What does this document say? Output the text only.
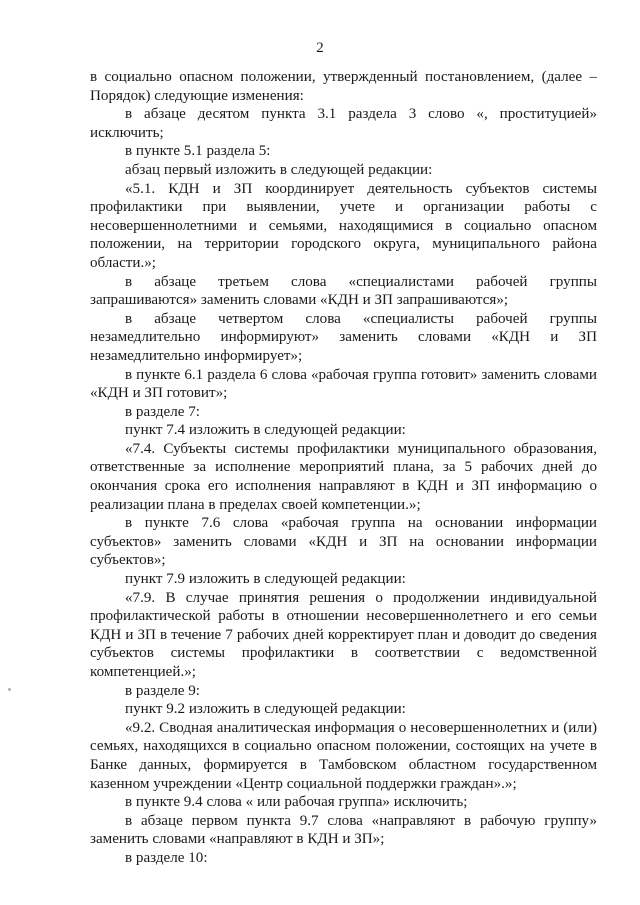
2

в социально опасном положении, утвержденный постановлением, (далее – Порядок) следующие изменения:

в абзаце десятом пункта 3.1 раздела 3 слово «, проституцией» исключить;

в пункте 5.1 раздела 5:

абзац первый изложить в следующей редакции:

«5.1. КДН и ЗП координирует деятельность субъектов системы профилактики при выявлении, учете и организации работы с несовершеннолетними и семьями, находящимися в социально опасном положении, на территории городского округа, муниципального района области.»;

в абзаце третьем слова «специалистами рабочей группы запрашиваются» заменить словами «КДН и ЗП запрашиваются»;

в абзаце четвертом слова «специалисты рабочей группы незамедлительно информируют» заменить словами «КДН и ЗП незамедлительно информирует»;

в пункте 6.1 раздела 6 слова «рабочая группа готовит» заменить словами «КДН и ЗП готовит»;

в разделе 7:

пункт 7.4 изложить в следующей редакции:

«7.4. Субъекты системы профилактики муниципального образования, ответственные за исполнение мероприятий плана, за 5 рабочих дней до окончания срока его исполнения направляют в КДН и ЗП информацию о реализации плана в пределах своей компетенции.»;

в пункте 7.6 слова «рабочая группа на основании информации субъектов» заменить словами «КДН и ЗП на основании информации субъектов»;

пункт 7.9 изложить в следующей редакции:

«7.9. В случае принятия решения о продолжении индивидуальной профилактической работы в отношении несовершеннолетнего и его семьи КДН и ЗП в течение 7 рабочих дней корректирует план и доводит до сведения субъектов системы профилактики в соответствии с ведомственной компетенцией.»;

в разделе 9:

пункт 9.2 изложить в следующей редакции:

«9.2. Сводная аналитическая информация о несовершеннолетних и (или) семьях, находящихся в социально опасном положении, состоящих на учете в Банке данных, формируется в Тамбовском областном государственном казенном учреждении «Центр социальной поддержки граждан».»;

в пункте 9.4 слова « или рабочая группа» исключить;

в абзаце первом пункта 9.7 слова «направляют в рабочую группу» заменить словами «направляют в КДН и ЗП»;

в разделе 10:
